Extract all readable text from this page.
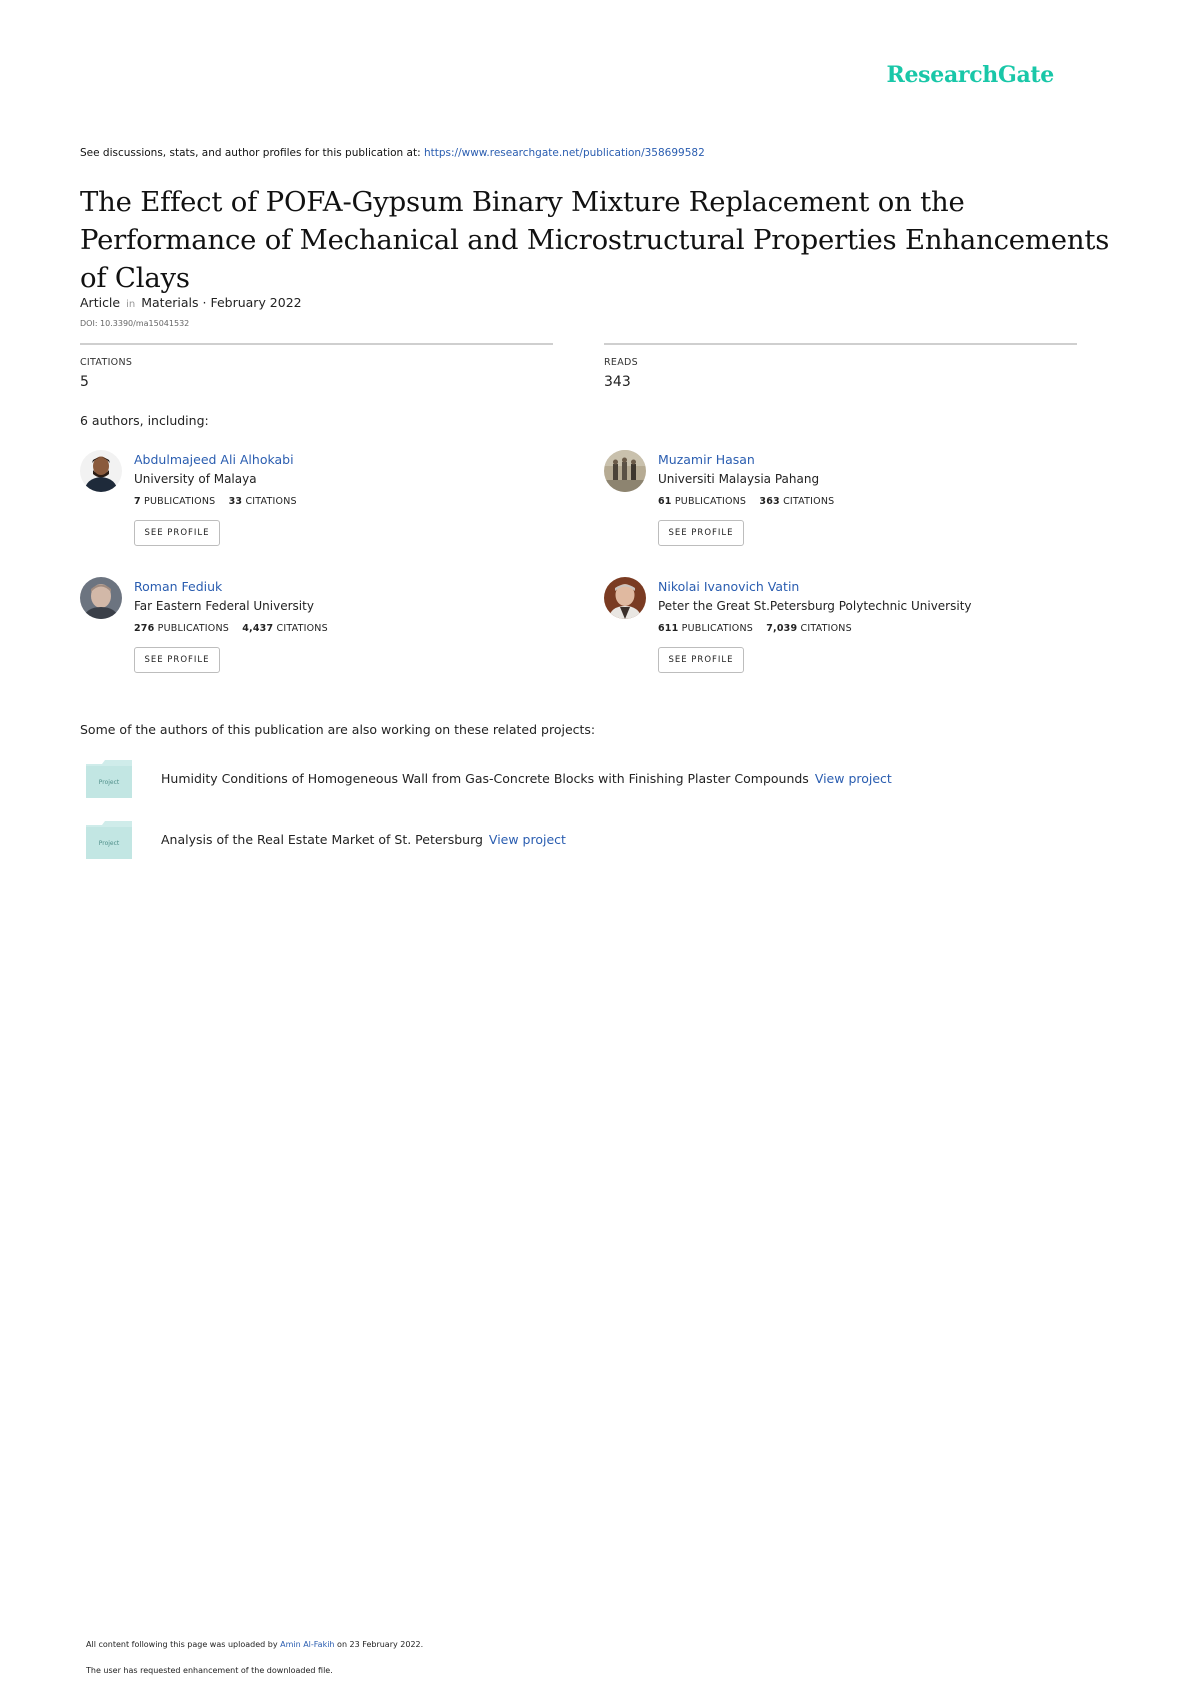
ResearchGate
See discussions, stats, and author profiles for this publication at: https://www.researchgate.net/publication/358699582
The Effect of POFA-Gypsum Binary Mixture Replacement on the Performance of Mechanical and Microstructural Properties Enhancements of Clays
Article in Materials · February 2022
DOI: 10.3390/ma15041532
CITATIONS
5
READS
343
6 authors, including:
Abdulmajeed Ali Alhokabi
University of Malaya
7 PUBLICATIONS 33 CITATIONS
SEE PROFILE
Muzamir Hasan
Universiti Malaysia Pahang
61 PUBLICATIONS 363 CITATIONS
SEE PROFILE
Roman Fediuk
Far Eastern Federal University
276 PUBLICATIONS 4,437 CITATIONS
SEE PROFILE
Nikolai Ivanovich Vatin
Peter the Great St.Petersburg Polytechnic University
611 PUBLICATIONS 7,039 CITATIONS
SEE PROFILE
Some of the authors of this publication are also working on these related projects:
Project	Humidity Conditions of Homogeneous Wall from Gas-Concrete Blocks with Finishing Plaster Compounds View project
Project	Analysis of the Real Estate Market of St. Petersburg View project
All content following this page was uploaded by Amin Al-Fakih on 23 February 2022.
The user has requested enhancement of the downloaded file.
